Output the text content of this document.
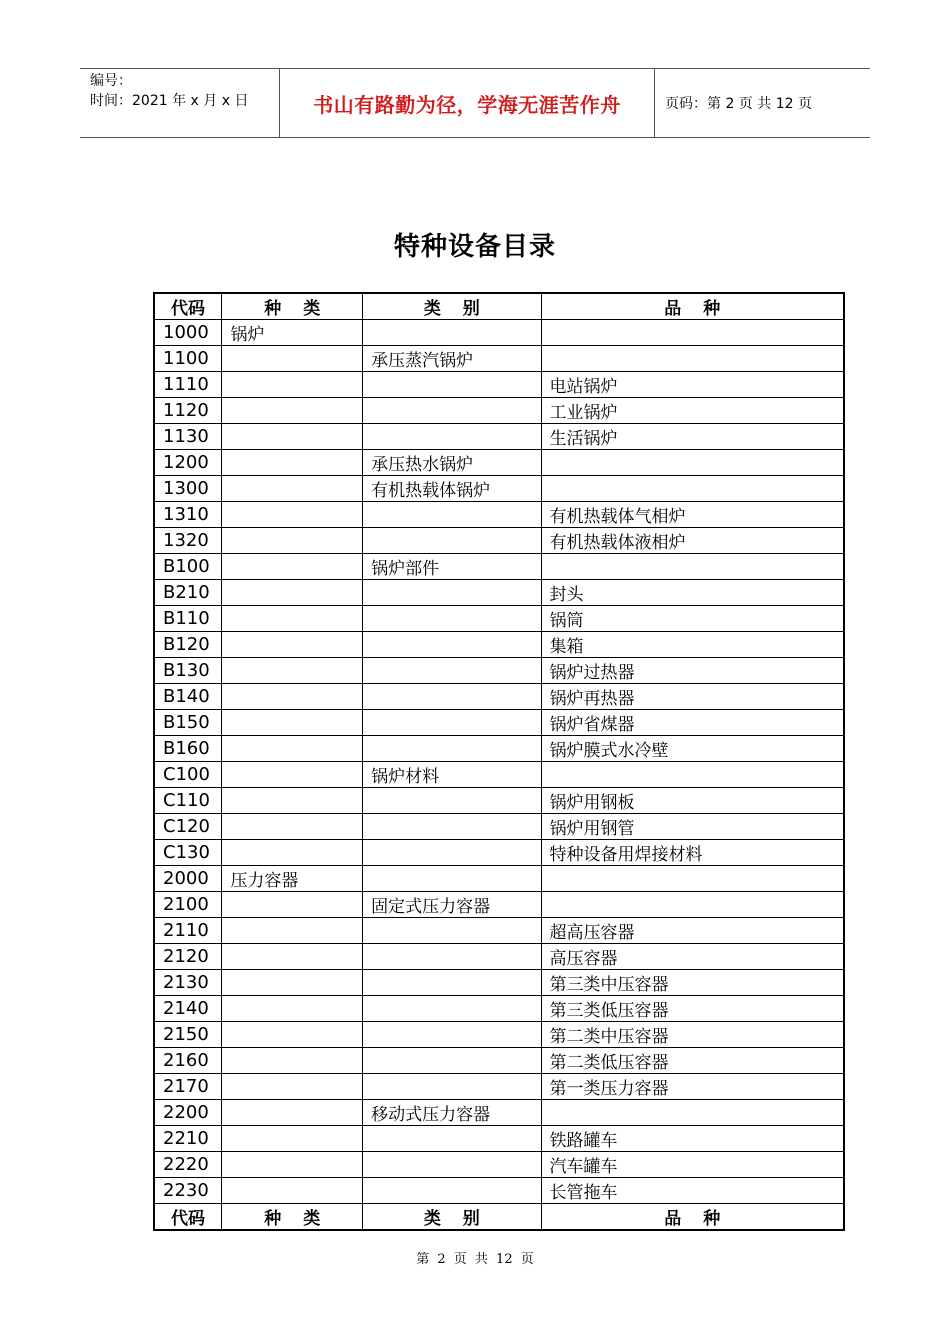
编号：
时间：2021 年 x 月 x 日	书山有路勤为径，学海无涯苦作舟	页码：第 2 页 共 12 页
特种设备目录
代码	种类	类别	品种
1000	锅炉		
1100		承压蒸汽锅炉	
1110			电站锅炉
1120			工业锅炉
1130			生活锅炉
1200		承压热水锅炉	
1300		有机热载体锅炉	
1310			有机热载体气相炉
1320			有机热载体液相炉
B100		锅炉部件	
B210			封头
B110			锅筒
B120			集箱
B130			锅炉过热器
B140			锅炉再热器
B150			锅炉省煤器
B160			锅炉膜式水冷壁
C100		锅炉材料	
C110			锅炉用钢板
C120			锅炉用钢管
C130			特种设备用焊接材料
2000	压力容器		
2100		固定式压力容器	
2110			超高压容器
2120			高压容器
2130			第三类中压容器
2140			第三类低压容器
2150			第二类中压容器
2160			第二类低压容器
2170			第一类压力容器
2200		移动式压力容器	
2210			铁路罐车
2220			汽车罐车
2230			长管拖车
代码	种类	类别	品种
第 2 页 共 12 页
